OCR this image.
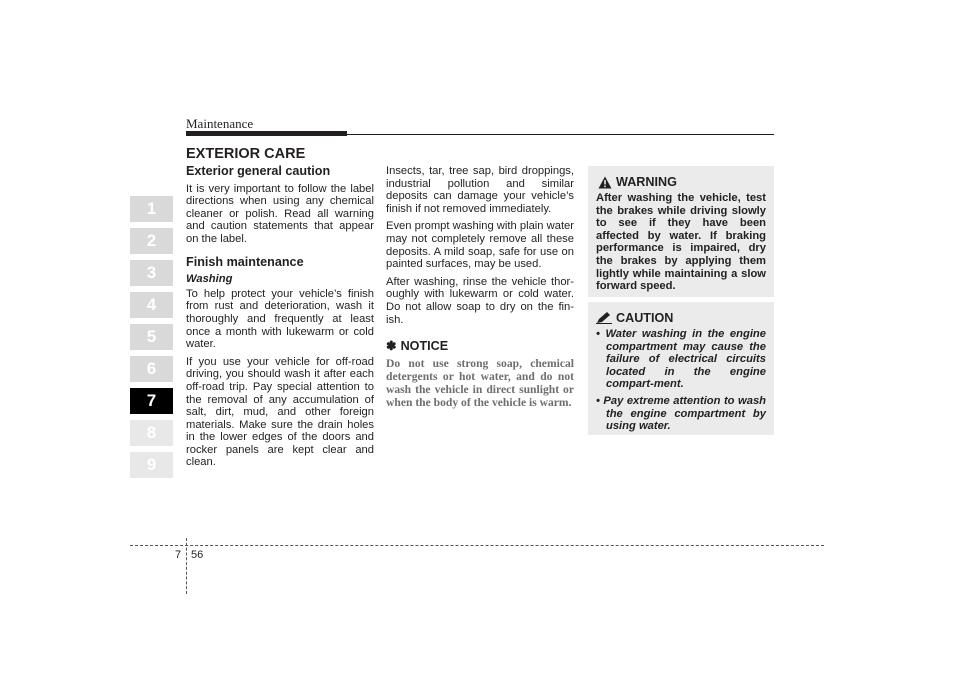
Maintenance
1
2
3
4
5
6
7
8
9
EXTERIOR CARE
Exterior general caution

It is very important to follow the label directions when using any chemical cleaner or polish. Read all warning and caution statements that appear on the label.

Finish maintenance
Washing

To help protect your vehicle’s finish from rust and deterioration, wash it thoroughly and frequently at least once a month with lukewarm or cold water.

If you use your vehicle for off-road driving, you should wash it after each off-road trip. Pay special attention to the removal of any accumulation of salt, dirt, mud, and other foreign materials. Make sure the drain holes in the lower edges of the doors and rocker panels are kept clear and clean.

Insects, tar, tree sap, bird droppings, industrial pollution and similar deposits can damage your vehicle’s finish if not removed immediately.

Even prompt washing with plain water may not completely remove all these deposits. A mild soap, safe for use on painted surfaces, may be used.

After washing, rinse the vehicle thor-oughly with lukewarm or cold water. Do not allow soap to dry on the fin-ish.

✽ NOTICE
Do not use strong soap, chemical detergents or hot water, and do not wash the vehicle in direct sunlight or when the body of the vehicle is warm.
WARNING
After washing the vehicle, test the brakes while driving slowly to see if they have been affected by water. If braking performance is impaired, dry the brakes by applying them lightly while maintaining a slow forward speed.
CAUTION
• Water washing in the engine compartment may cause the failure of electrical circuits located in the engine compart-ment.
• Pay extreme attention to wash the engine compartment by using water.
7 56
